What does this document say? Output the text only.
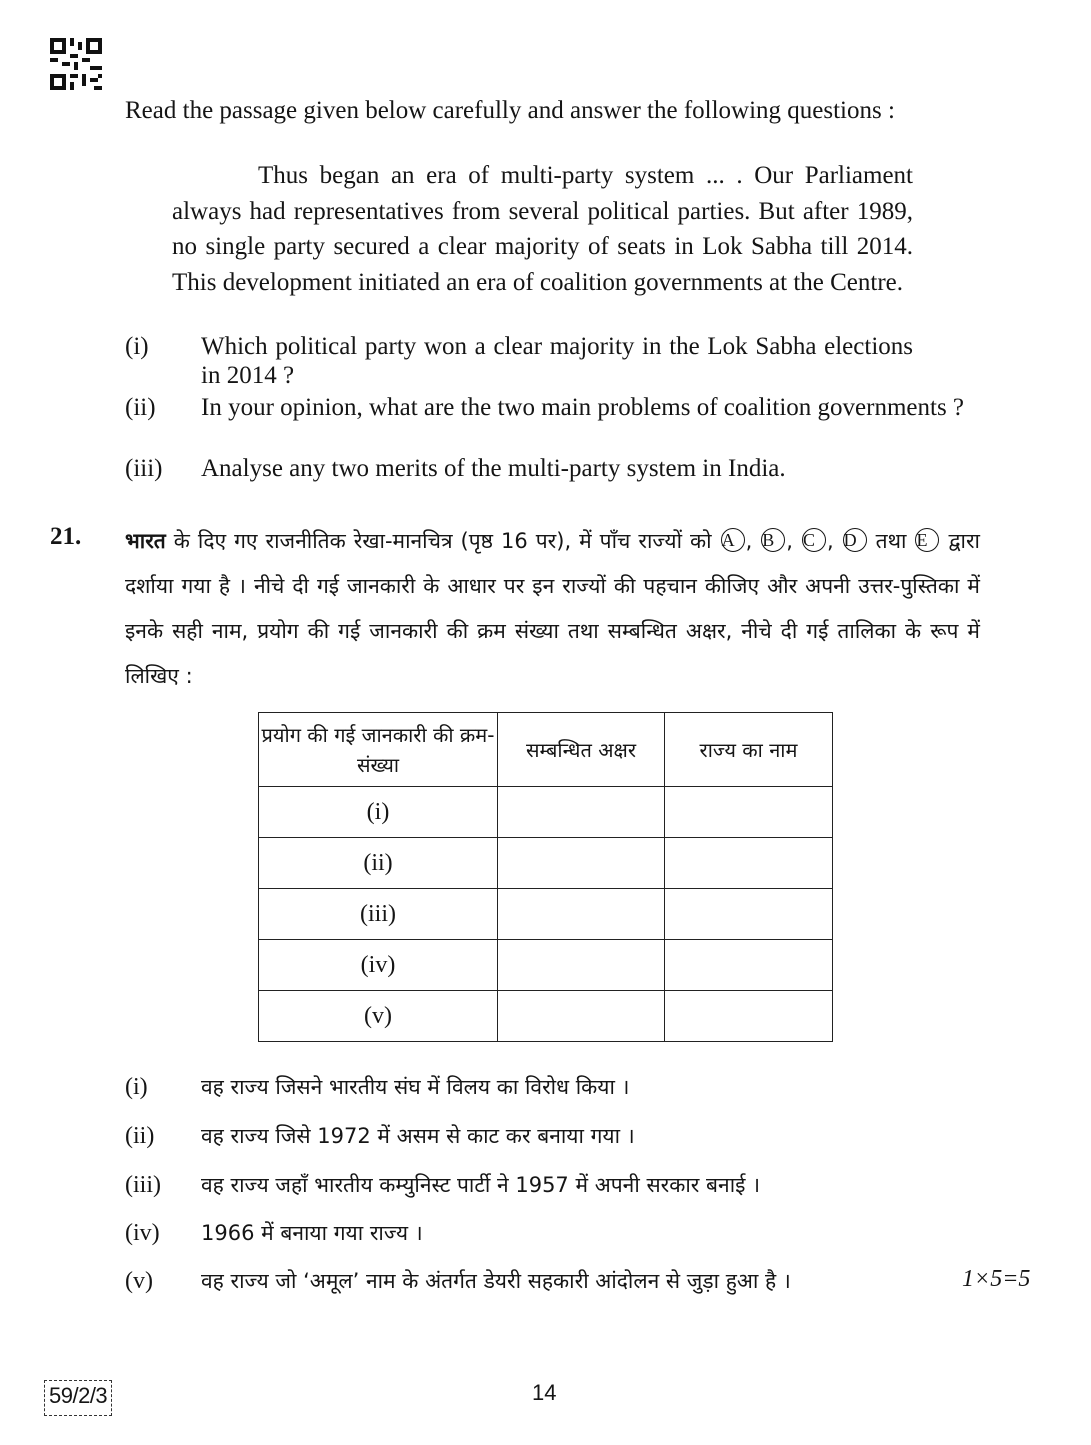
Read the passage given below carefully and answer the following questions :
Thus began an era of multi-party system ... . Our Parliament always had representatives from several political parties. But after 1989, no single party secured a clear majority of seats in Lok Sabha till 2014. This development initiated an era of coalition governments at the Centre.
(i)	Which political party won a clear majority in the Lok Sabha elections in 2014 ?
(ii)	In your opinion, what are the two main problems of coalition governments ?
(iii)	Analyse any two merits of the multi-party system in India.
21. भारत के दिए गए राजनीतिक रेखा-मानचित्र (पृष्ठ 16 पर), में पाँच राज्यों को A , B , C , D तथा E द्वारा दर्शाया गया है । नीचे दी गई जानकारी के आधार पर इन राज्यों की पहचान कीजिए और अपनी उत्तर-पुस्तिका में इनके सही नाम, प्रयोग की गई जानकारी की क्रम संख्या तथा सम्बन्धित अक्षर, नीचे दी गई तालिका के रूप में लिखिए :
प्रयोग की गई जानकारी की क्रम-संख्या	सम्बन्धित अक्षर	राज्य का नाम
(i)		
(ii)		
(iii)		
(iv)		
(v)		
(i)	वह राज्य जिसने भारतीय संघ में विलय का विरोध किया ।
(ii)	वह राज्य जिसे 1972 में असम से काट कर बनाया गया ।
(iii)	वह राज्य जहाँ भारतीय कम्युनिस्ट पार्टी ने 1957 में अपनी सरकार बनाई ।
(iv)	1966 में बनाया गया राज्य ।
(v)	वह राज्य जो ‘अमूल’ नाम के अंतर्गत डेयरी सहकारी आंदोलन से जुड़ा हुआ है ।	1×5=5
59/2/3	14
